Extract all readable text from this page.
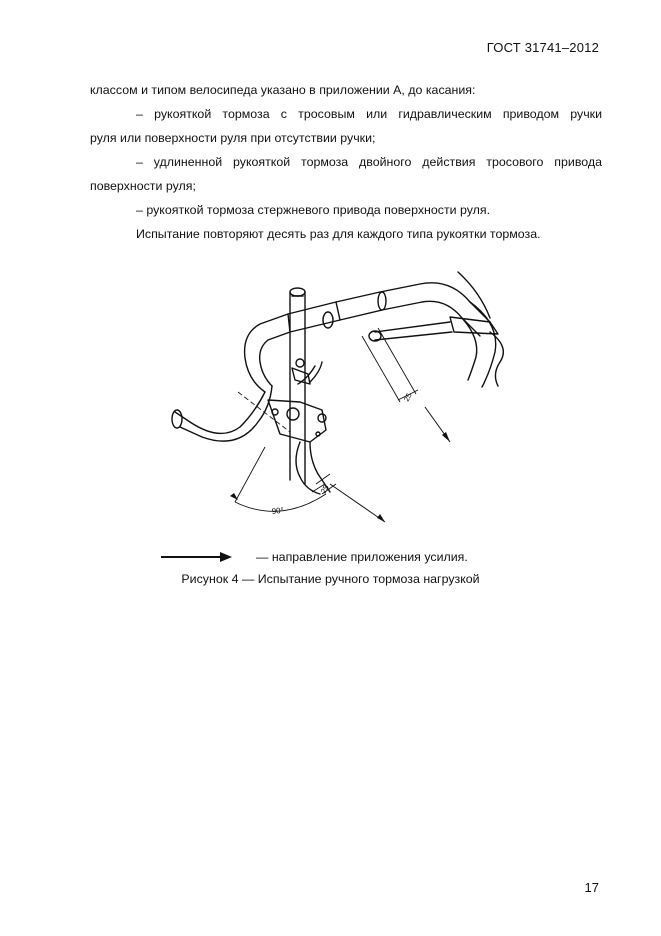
ГОСТ 31741–2012

классом и типом велосипеда указано в приложении А, до касания:

– рукояткой тормоза с тросовым или гидравлическим приводом ручки

руля или поверхности руля при отсутствии ручки;

– удлиненной рукояткой тормоза двойного действия тросового привода

поверхности руля;

– рукояткой тормоза стержневого привода поверхности руля.

Испытание повторяют десять раз для каждого типа рукоятки тормоза.

25
25
90°
— направление приложения усилия.
Рисунок 4 — Испытание ручного тормоза нагрузкой
17
